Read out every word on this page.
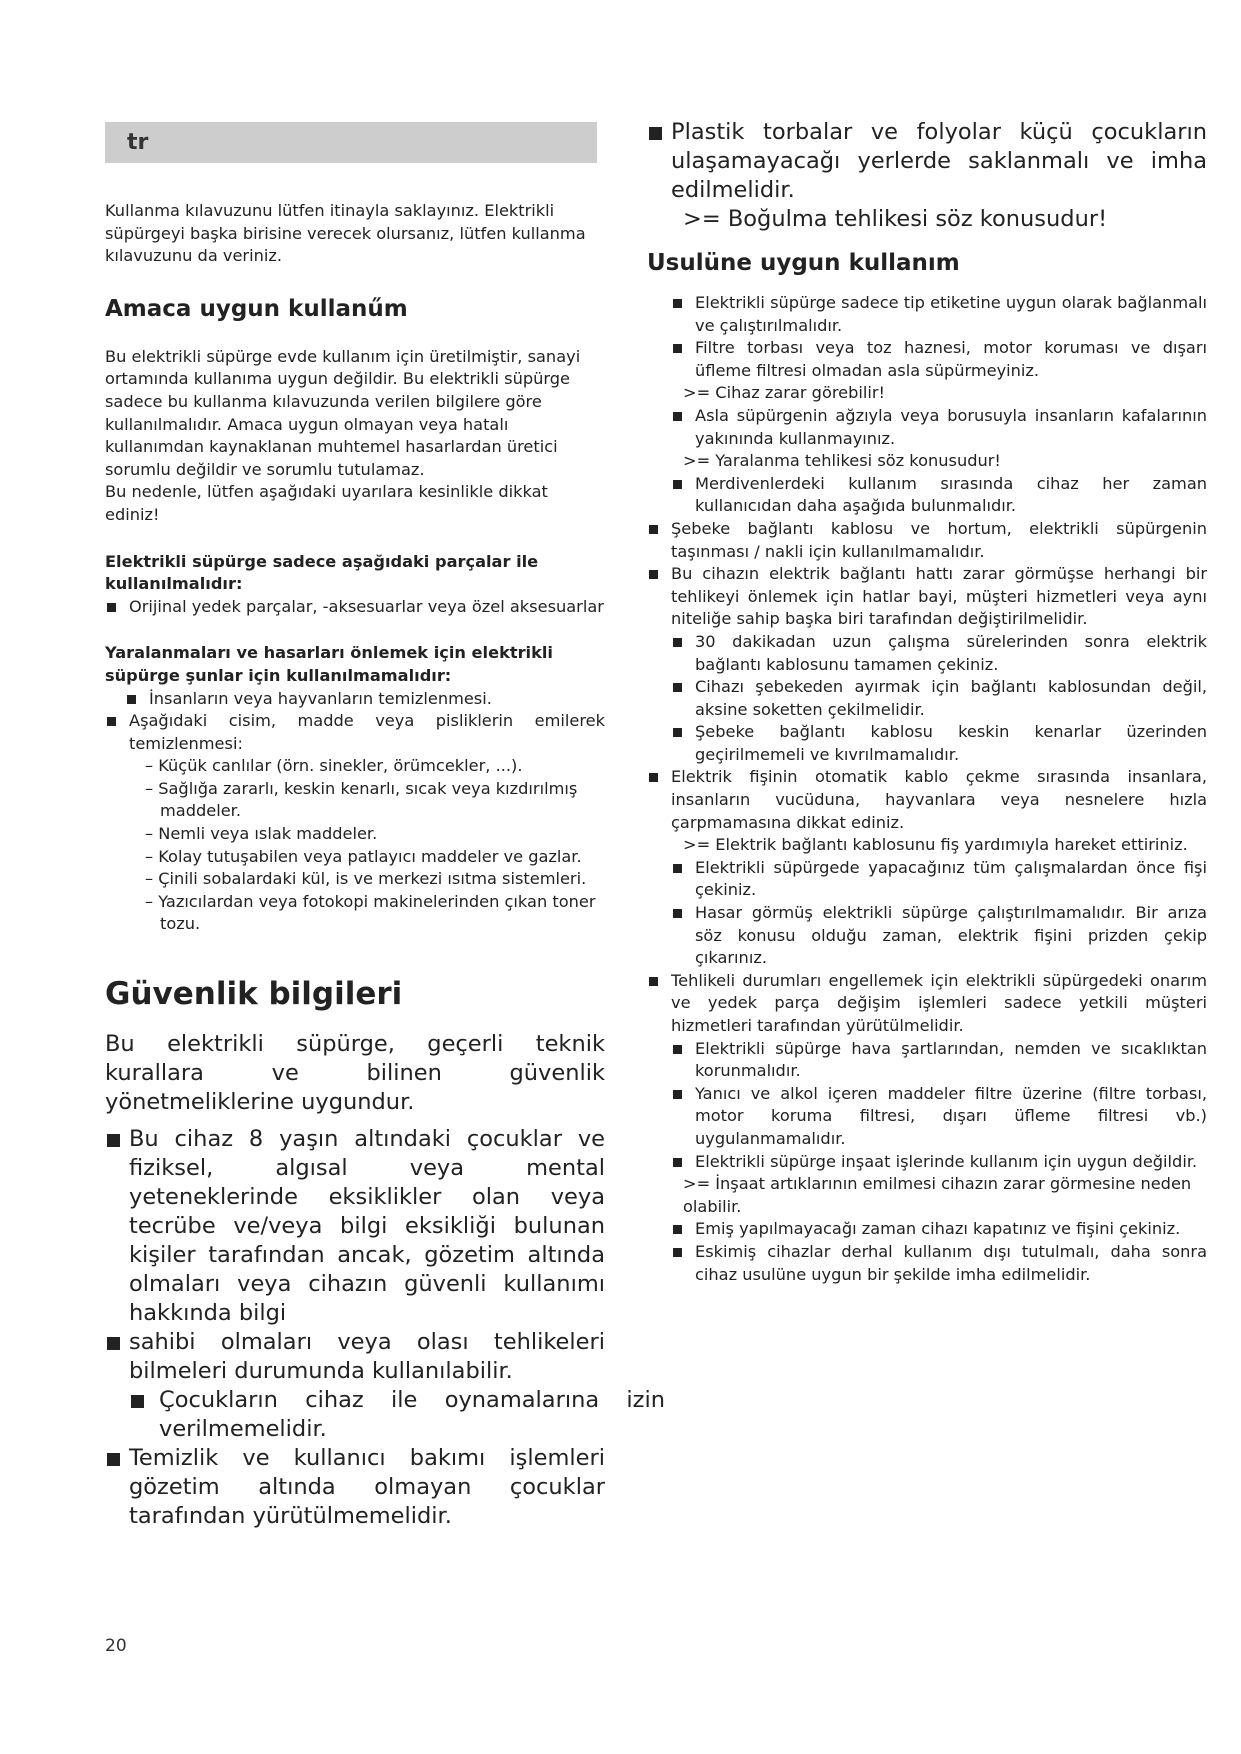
tr

Kullanma kılavuzunu lütfen itinayla saklayınız. Elektrikli süpürgeyi başka birisine verecek olursanız, lütfen kullanma kılavuzunu da veriniz.

Amaca uygun kullanűm

Bu elektrikli süpürge evde kullanım için üretilmiştir, sanayi ortamında kullanıma uygun değildir. Bu elektrikli süpürge sadece bu kullanma kılavuzunda verilen bilgilere göre kullanılmalıdır. Amaca uygun olmayan veya hatalı kullanımdan kaynaklanan muhtemel hasarlardan üretici sorumlu değildir ve sorumlu tutulamaz.

Bu nedenle, lütfen aşağıdaki uyarılara kesinlikle dikkat ediniz!

Elektrikli süpürge sadece aşağıdaki parçalar ile kullanılmalıdır:

Orijinal yedek parçalar, -aksesuarlar veya özel aksesuarlar

Yaralanmaları ve hasarları önlemek için elektrikli süpürge şunlar için kullanılmamalıdır:

İnsanların veya hayvanların temizlenmesi.

Aşağıdaki cisim, madde veya pisliklerin emilerek temizlenmesi:

– Küçük canlılar (örn. sinekler, örümcekler, ...).

– Sağlığa zararlı, keskin kenarlı, sıcak veya kızdırılmış maddeler.

– Nemli veya ıslak maddeler.

– Kolay tutuşabilen veya patlayıcı maddeler ve gazlar.

– Çinili sobalardaki kül, is ve merkezi ısıtma sistemleri.

– Yazıcılardan veya fotokopi makinelerinden çıkan toner tozu.

Güvenlik bilgileri

Bu elektrikli süpürge, geçerli teknik kurallara ve bilinen güvenlik yönetmeliklerine uygundur.

Bu cihaz 8 yaşın altındaki çocuklar ve fiziksel, algısal veya mental yeteneklerinde eksiklikler olan veya tecrübe ve/veya bilgi eksikliği bulunan kişiler tarafından ancak, gözetim altında olmaları veya cihazın güvenli kullanımı hakkında bilgi

sahibi olmaları veya olası tehlikeleri bilmeleri durumunda kullanılabilir.

Çocukların cihaz ile oynamalarına izin verilmemelidir.

Temizlik ve kullanıcı bakımı işlemleri gözetim altında olmayan çocuklar tarafından yürütülmemelidir.

Plastik torbalar ve folyolar küçü çocukların ulaşamayacağı yerlerde saklanmalı ve imha edilmelidir.

>= Boğulma tehlikesi söz konusudur!

Usulüne uygun kullanım

Elektrikli süpürge sadece tip etiketine uygun olarak bağlanmalı ve çalıştırılmalıdır.

Filtre torbası veya toz haznesi, motor koruması ve dışarı üfleme filtresi olmadan asla süpürmeyiniz.

>= Cihaz zarar görebilir!

Asla süpürgenin ağzıyla veya borusuyla insanların kafalarının yakınında kullanmayınız.

>= Yaralanma tehlikesi söz konusudur!

Merdivenlerdeki kullanım sırasında cihaz her zaman kullanıcıdan daha aşağıda bulunmalıdır.

Şebeke bağlantı kablosu ve hortum, elektrikli süpürgenin taşınması / nakli için kullanılmamalıdır.

Bu cihazın elektrik bağlantı hattı zarar görmüşse herhangi bir tehlikeyi önlemek için hatlar bayi, müşteri hizmetleri veya aynı niteliğe sahip başka biri tarafından değiştirilmelidir.

30 dakikadan uzun çalışma sürelerinden sonra elektrik bağlantı kablosunu tamamen çekiniz.

Cihazı şebekeden ayırmak için bağlantı kablosundan değil, aksine soketten çekilmelidir.

Şebeke bağlantı kablosu keskin kenarlar üzerinden geçirilmemeli ve kıvrılmamalıdır.

Elektrik fişinin otomatik kablo çekme sırasında insanlara, insanların vucüduna, hayvanlara veya nesnelere hızla çarpmamasına dikkat ediniz.

>= Elektrik bağlantı kablosunu fiş yardımıyla hareket ettiriniz.

Elektrikli süpürgede yapacağınız tüm çalışmalardan önce fişi çekiniz.

Hasar görmüş elektrikli süpürge çalıştırılmamalıdır. Bir arıza söz konusu olduğu zaman, elektrik fişini prizden çekip çıkarınız.

Tehlikeli durumları engellemek için elektrikli süpürgedeki onarım ve yedek parça değişim işlemleri sadece yetkili müşteri hizmetleri tarafından yürütülmelidir.

Elektrikli süpürge hava şartlarından, nemden ve sıcaklıktan korunmalıdır.

Yanıcı ve alkol içeren maddeler filtre üzerine (filtre torbası, motor koruma filtresi, dışarı üfleme filtresi vb.) uygulanmamalıdır.

Elektrikli süpürge inşaat işlerinde kullanım için uygun değildir.

>= İnşaat artıklarının emilmesi cihazın zarar görmesine neden olabilir.

Emiş yapılmayacağı zaman cihazı kapatınız ve fişini çekiniz.

Eskimiş cihazlar derhal kullanım dışı tutulmalı, daha sonra cihaz usulüne uygun bir şekilde imha edilmelidir.

20
